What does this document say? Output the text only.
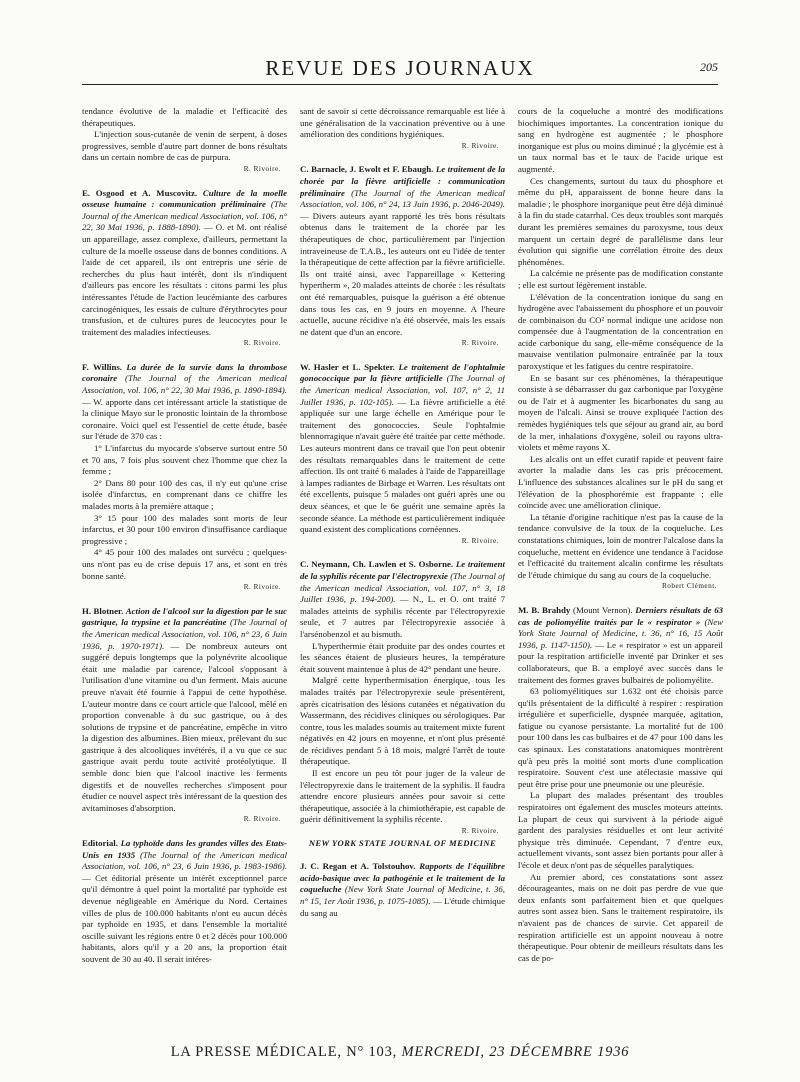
REVUE DES JOURNAUX	205

tendance évolutive de la maladie et l'efficacité des thérapeutiques.

L'injection sous-cutanée de venin de serpent, à doses progressives, semble d'autre part donner de bons résultats dans un certain nombre de cas de purpura.

R. Rivoire.

E. Osgood et A. Muscovitz. Culture de la moelle osseuse humaine : communication préliminaire (The Journal of the American medical Association, vol. 106, n° 22, 30 Mai 1936, p. 1888-1890). — O. et M. ont réalisé un appareillage, assez complexe, d'ailleurs, permettant la culture de la moelle osseuse dans de bonnes conditions. A l'aide de cet appareil, ils ont entrepris une série de recherches du plus haut intérêt, dont ils n'indiquent d'ailleurs pas encore les résultats : citons parmi les plus intéressantes l'étude de l'action leucémiante des carbures carcinogéniques, les essais de culture d'érythrocytes pour transfusion, et de cultures pures de leucocytes pour le traitement des maladies infectieuses.

R. Rivoire.

F. Willins. La durée de la survie dans la thrombose coronaire (The Journal of the American medical Association, vol. 106, n° 22, 30 Mai 1936, p. 1890-1894). — W. apporte dans cet intéressant article la statistique de la clinique Mayo sur le pronostic lointain de la thrombose coronaire. Voici quel est l'essentiel de cette étude, basée sur l'étude de 370 cas :

1° L'infarctus du myocarde s'observe surtout entre 50 et 70 ans, 7 fois plus souvent chez l'homme que chez la femme ;

2° Dans 80 pour 100 des cas, il n'y eut qu'une crise isolée d'infarctus, en comprenant dans ce chiffre les malades morts à la première attaque ;

3° 15 pour 100 des malades sont morts de leur infarctus, et 30 pour 100 environ d'insuffisance cardiaque progressive ;

4° 45 pour 100 des malades ont survécu ; quelques-uns n'ont pas eu de crise depuis 17 ans, et sont en très bonne santé.

R. Rivoire.

H. Blotner. Action de l'alcool sur la digestion par le suc gastrique, la trypsine et la pancréatine (The Journal of the American medical Association, vol. 106, n° 23, 6 Juin 1936, p. 1970-1971). — De nombreux auteurs ont suggéré depuis longtemps que la polynévrite alcoolique était une maladie par carence, l'alcool s'opposant à l'utilisation d'une vitamine ou d'un ferment. Mais aucune preuve n'avait été fournie à l'appui de cette hypothèse. L'auteur montre dans ce court article que l'alcool, mêlé en proportion convenable à du suc gastrique, ou à des solutions de trypsine et de pancréatine, empêche in vitro la digestion des albumines. Bien mieux, prélevant du suc gastrique à des alcooliques invétérés, il a vu que ce suc gastrique avait perdu toute activité protéolytique. Il semble donc bien que l'alcool inactive les ferments digestifs et de nouvelles recherches s'imposent pour étudier ce nouvel aspect très intéressant de la question des avitaminoses d'absorption.

R. Rivoire.

Editorial. La typhoïde dans les grandes villes des Etats-Unis en 1935 (The Journal of the American medical Association, vol. 106, n° 23, 6 Juin 1936, p. 1983-1986). — Cet éditorial présente un intérêt exceptionnel parce qu'il démontre à quel point la mortalité par typhoïde est devenue négligeable en Amérique du Nord. Certaines villes de plus de 100.000 habitants n'ont eu aucun décès par typhoïde en 1935, et dans l'ensemble la mortalité oscille suivant les régions entre 0 et 2 décès pour 100.000 habitants, alors qu'il y a 20 ans, la proportion était souvent de 30 au 40. Il serait intéres-

sant de savoir si cette décroissance remarquable est liée à une généralisation de la vaccination préventive ou à une amélioration des conditions hygiéniques.

R. Rivoire.

C. Barnacle, J. Ewolt et F. Ebaugh. Le traitement de la chorée par la fièvre artificielle : communication préliminaire (The Journal of the American medical Association, vol. 106, n° 24, 13 Juin 1936, p. 2046-2049). — Divers auteurs ayant rapporté les très bons résultats obtenus dans le traitement de la chorée par les thérapeutiques de choc, particulièrement par l'injection intraveineuse de T.A.B., les auteurs ont eu l'idée de tenter la thérapeutique de cette affection par la fièvre artificielle. Ils ont traité ainsi, avec l'appareillage « Kettering hypertherm », 20 malades atteints de chorée : les résultats ont été remarquables, puisque la guérison a été obtenue dans tous les cas, en 9 jours en moyenne. A l'heure actuelle, aucune récidive n'a été observée, mais les essais ne datent que d'un an encore.

R. Rivoire.

W. Hasler et L. Spekter. Le traitement de l'ophtalmie gonococcique par la fièvre artificielle (The Journal of the American medical Association, vol. 107, n° 2, 11 Juillet 1936, p. 102-105). — La fièvre artificielle a été appliquée sur une large échelle en Amérique pour le traitement des gonococcies. Seule l'ophtalmie blennorragique n'avait guère été traitée par cette méthode. Les auteurs montrent dans ce travail que l'on peut obtenir des résultats remarquables dans le traitement de cette affection. Ils ont traité 6 malades à l'aide de l'appareillage à lampes radiantes de Birbage et Warren. Les résultats ont été excellents, puisque 5 malades ont guéri après une ou deux séances, et que le 6e guérit une semaine après la seconde séance. La méthode est particulièrement indiquée quand existent des complications cornéennes.

R. Rivoire.

C. Neymann, Ch. Lawlen et S. Osborne. Le traitement de la syphilis récente par l'électropyrexie (The Journal of the American medical Association, vol. 107, n° 3, 18 Juillet 1936, p. 194-200). — N., L. et O. ont traité 7 malades atteints de syphilis récente par l'électropyrexie seule, et 7 autres par l'électropyrexie associée à l'arsénobenzol et au bismuth.

L'hyperthermie était produite par des ondes courtes et les séances étaient de plusieurs heures, la température était souvent maintenue à plus de 42° pendant une heure.

Malgré cette hyperthermisation énergique, tous les malades traités par l'électropyrexie seule présentèrent, après cicatrisation des lésions cutanées et négativation du Wassermann, des récidives cliniques ou sérologiques. Par contre, tous les malades soumis au traitement mixte furent négativés en 42 jours en moyenne, et n'ont plus présenté de récidives pendant 5 à 18 mois, malgré l'arrêt de toute thérapeutique.

Il est encore un peu tôt pour juger de la valeur de l'électropyrexie dans le traitement de la syphilis. Il faudra attendre encore plusieurs années pour savoir si cette thérapeutique, associée à la chimiothérapie, est capable de guérir définitivement la syphilis récente.

R. Rivoire.

NEW YORK STATE JOURNAL OF MEDICINE

J. C. Regan et A. Tolstouhov. Rapports de l'équilibre acido-basique avec la pathogénie et le traitement de la coqueluche (New York State Journal of Medicine, t. 36, n° 15, 1er Août 1936, p. 1075-1085). — L'étude chimique du sang au

cours de la coqueluche a montré des modifications biochimiques importantes. La concentration ionique du sang en hydrogène est augmentée ; le phosphore inorganique est plus ou moins diminué ; la glycémie est à un taux normal bas et le taux de l'acide urique est augmenté.

Ces changements, surtout du taux du phosphore et même du pH, apparaissent de bonne heure dans la maladie ; le phosphore inorganique peut être déjà diminué à la fin du stade catarrhal. Ces deux troubles sont marqués durant les premières semaines du paroxysme, tous deux marquent un certain degré de parallélisme dans leur évolution qui signifie une corrélation étroite des deux phénomènes.

La calcémie ne présente pas de modification constante ; elle est surtout légèrement instable.

L'élévation de la concentration ionique du sang en hydrogène avec l'abaissement du phosphore et un pouvoir de combinaison du CO² normal indique une acidose non compensée due à l'augmentation de la concentration en acide carbonique du sang, elle-même conséquence de la mauvaise ventilation pulmonaire entraînée par la toux paroxystique et les fatigues du centre respiratoire.

En se basant sur ces phénomènes, la thérapeutique consiste à se débarrasser du gaz carbonique par l'oxygène ou de l'air et à augmenter les bicarbonates du sang au moyen de l'alcali. Ainsi se trouve expliquée l'action des remèdes hygiéniques tels que séjour au grand air, au bord de la mer, inhalations d'oxygène, soleil ou rayons ultra-violets et même rayons X.

Les alcalis ont un effet curatif rapide et peuvent faire avorter la maladie dans les cas pris précocement. L'influence des substances alcalines sur le pH du sang et l'élévation de la phosphorémie est frappante ; elle coïncide avec une amélioration clinique.

La tétanie d'origine rachitique n'est pas la cause de la tendance convulsive de la toux de la coqueluche. Les constatations chimiques, loin de montrer l'alcalose dans la coqueluche, mettent en évidence une tendance à l'acidose et l'efficacité du traitement alcalin confirme les résultats de l'étude chimique du sang au cours de la coqueluche.

Robert Clément.

M. B. Brahdy (Mount Vernon). Derniers résultats de 63 cas de poliomyélite traités par le « respirator » (New York State Journal of Medicine, t. 36, n° 16, 15 Août 1936, p. 1147-1150). — Le « respirator » est un appareil pour la respiration artificielle inventé par Drinker et ses collaborateurs, que B. a employé avec succès dans le traitement des formes graves bulbaires de poliomyélite.

63 poliomyélitiques sur 1.632 ont été choisis parce qu'ils présentaient de la difficulté à respirer : respiration irrégulière et superficielle, dyspnée marquée, agitation, fatigue ou cyanose persistante. La mortalité fut de 100 pour 100 dans les cas bulbaires et de 47 pour 100 dans les cas spinaux. Les constatations anatomiques montrèrent qu'à peu près la moitié sont morts d'une complication respiratoire. Souvent c'est une atélectasie massive qui peut être prise pour une pneumonie ou une pleurésie.

La plupart des malades présentant des troubles respiratoires ont également des muscles moteurs atteints. La plupart de ceux qui survivent à la période aiguë gardent des paralysies résiduelles et ont leur activité physique très diminuée. Cependant, 7 d'entre eux, actuellement vivants, sont assez bien portants pour aller à l'école et deux n'ont pas de séquelles paralytiques.

Au premier abord, ces constatations sont assez décourageantes, mais on ne doit pas perdre de vue que deux enfants sont parfaitement bien et que quelques autres sont assez bien. Sans le traitement respiratoire, ils n'avaient pas de chances de survie. Cet appareil de respiration artificielle est un appoint nouveau à notre thérapeutique. Pour obtenir de meilleurs résultats dans les cas de po-

LA PRESSE MÉDICALE, N° 103, MERCREDI, 23 DÉCEMBRE 1936
